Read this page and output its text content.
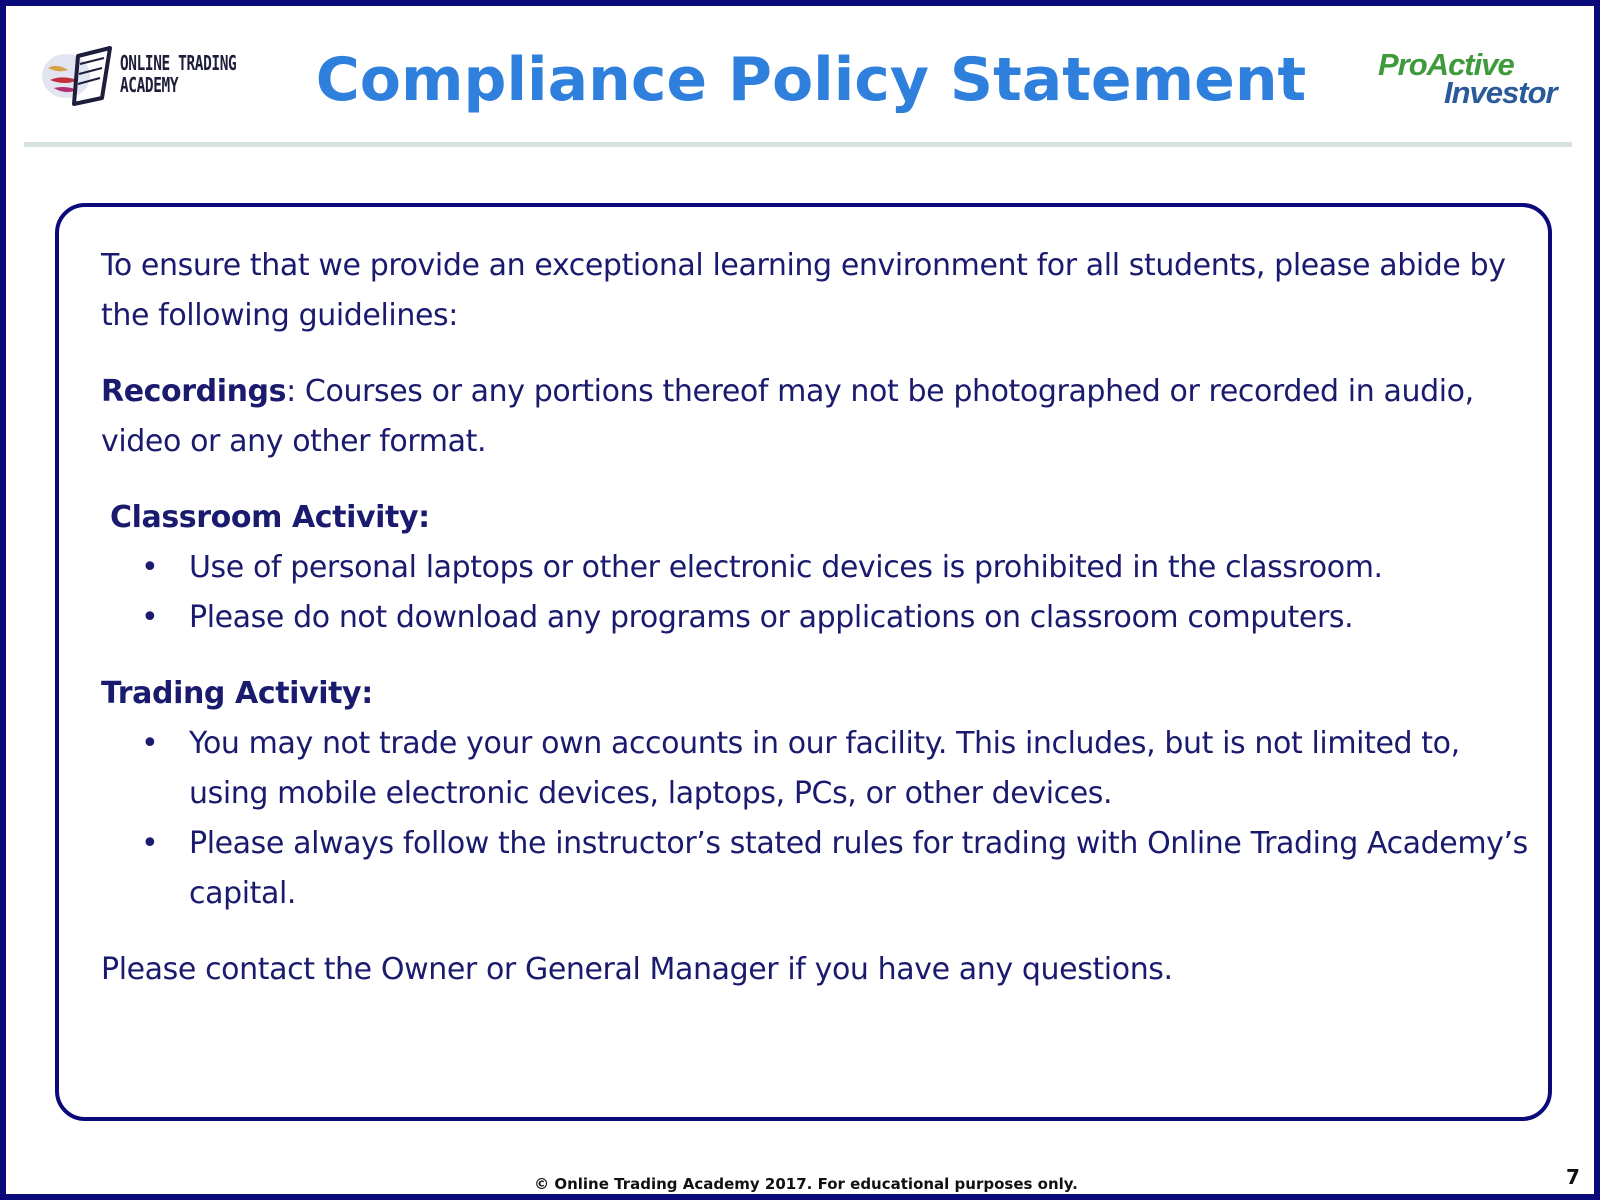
ONLINE TRADING
ACADEMY	Compliance Policy Statement	ProActive
Investor

To ensure that we provide an exceptional learning environment for all students, please abide by the following guidelines:

Recordings: Courses or any portions thereof may not be photographed or recorded in audio, video or any other format.

Classroom Activity:
• Use of personal laptops or other electronic devices is prohibited in the classroom.
• Please do not download any programs or applications on classroom computers.
Trading Activity:
• You may not trade your own accounts in our facility. This includes, but is not limited to, using mobile electronic devices, laptops, PCs, or other devices.
• Please always follow the instructor’s stated rules for trading with Online Trading Academy’s capital.

Please contact the Owner or General Manager if you have any questions.

© Online Trading Academy 2017. For educational purposes only.	7
